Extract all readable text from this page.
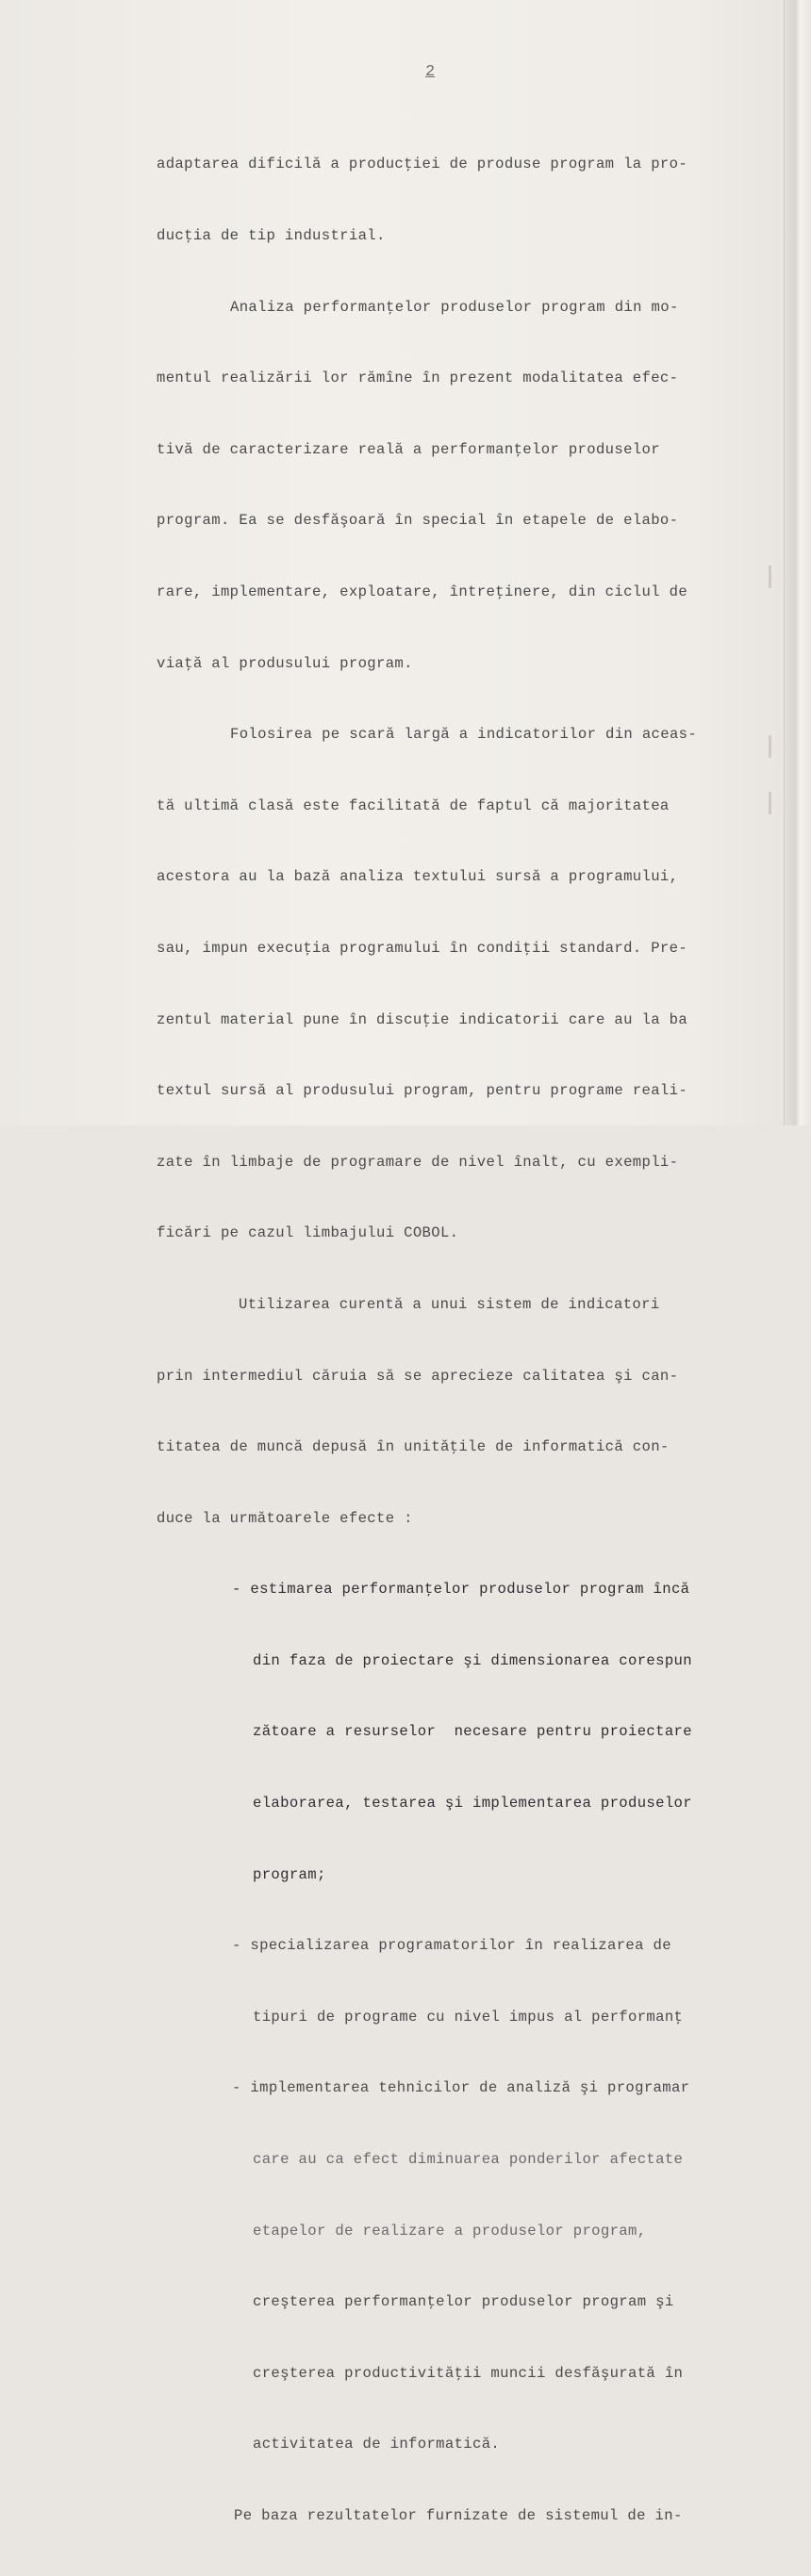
2

adaptarea dificilă a producţiei de produse program la pro-

ducţia de tip industrial.

Analiza performanţelor produselor program din mo-

mentul realizării lor rămîne în prezent modalitatea efec-

tivă de caracterizare reală a performanţelor produselor

program. Ea se desfăşoară în special în etapele de elabo-

rare, implementare, exploatare, întreţinere, din ciclul de

viaţă al produsului program.

Folosirea pe scară largă a indicatorilor din aceas-

tă ultimă clasă este facilitată de faptul că majoritatea

acestora au la bază analiza textului sursă a programului,

sau, impun execuţia programului în condiţii standard. Pre-

zentul material pune în discuţie indicatorii care au la ba

textul sursă al produsului program, pentru programe reali-

zate în limbaje de programare de nivel înalt, cu exempli-

ficări pe cazul limbajului COBOL.

Utilizarea curentă a unui sistem de indicatori

prin intermediul căruia să se aprecieze calitatea şi can-

titatea de muncă depusă în unităţile de informatică con-

duce la următoarele efecte :

- estimarea performanţelor produselor program încă

din faza de proiectare şi dimensionarea corespun

zătoare a resurselor  necesare pentru proiectare

elaborarea, testarea şi implementarea produselor

program;

- specializarea programatorilor în realizarea de

tipuri de programe cu nivel impus al performanţ

- implementarea tehnicilor de analiză şi programar

care au ca efect diminuarea ponderilor afectate

etapelor de realizare a produselor program,

creşterea performanţelor produselor program şi

creşterea productivităţii muncii desfăşurată în

activitatea de informatică.

Pe baza rezultatelor furnizate de sistemul de in-
